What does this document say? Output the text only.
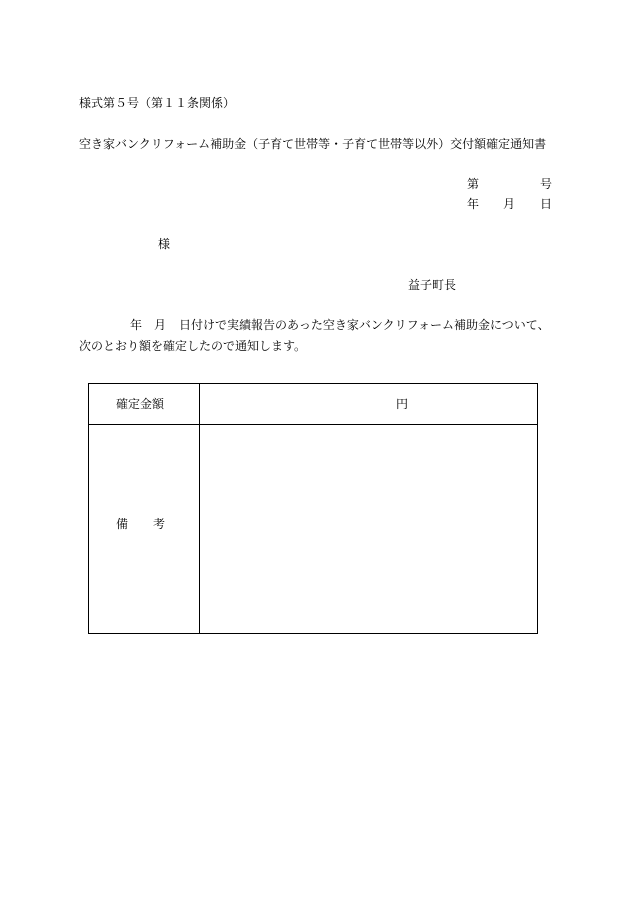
様式第５号（第１１条関係）
空き家バンクリフォーム補助金（子育て世帯等・子育て世帯等以外）交付額確定通知書
第	号
年 月 日
様
益子町長
年 月 日付けで実績報告のあった空き家バンクリフォーム補助金について、
次のとおり額を確定したので通知します。
確定金額	円
備 考
